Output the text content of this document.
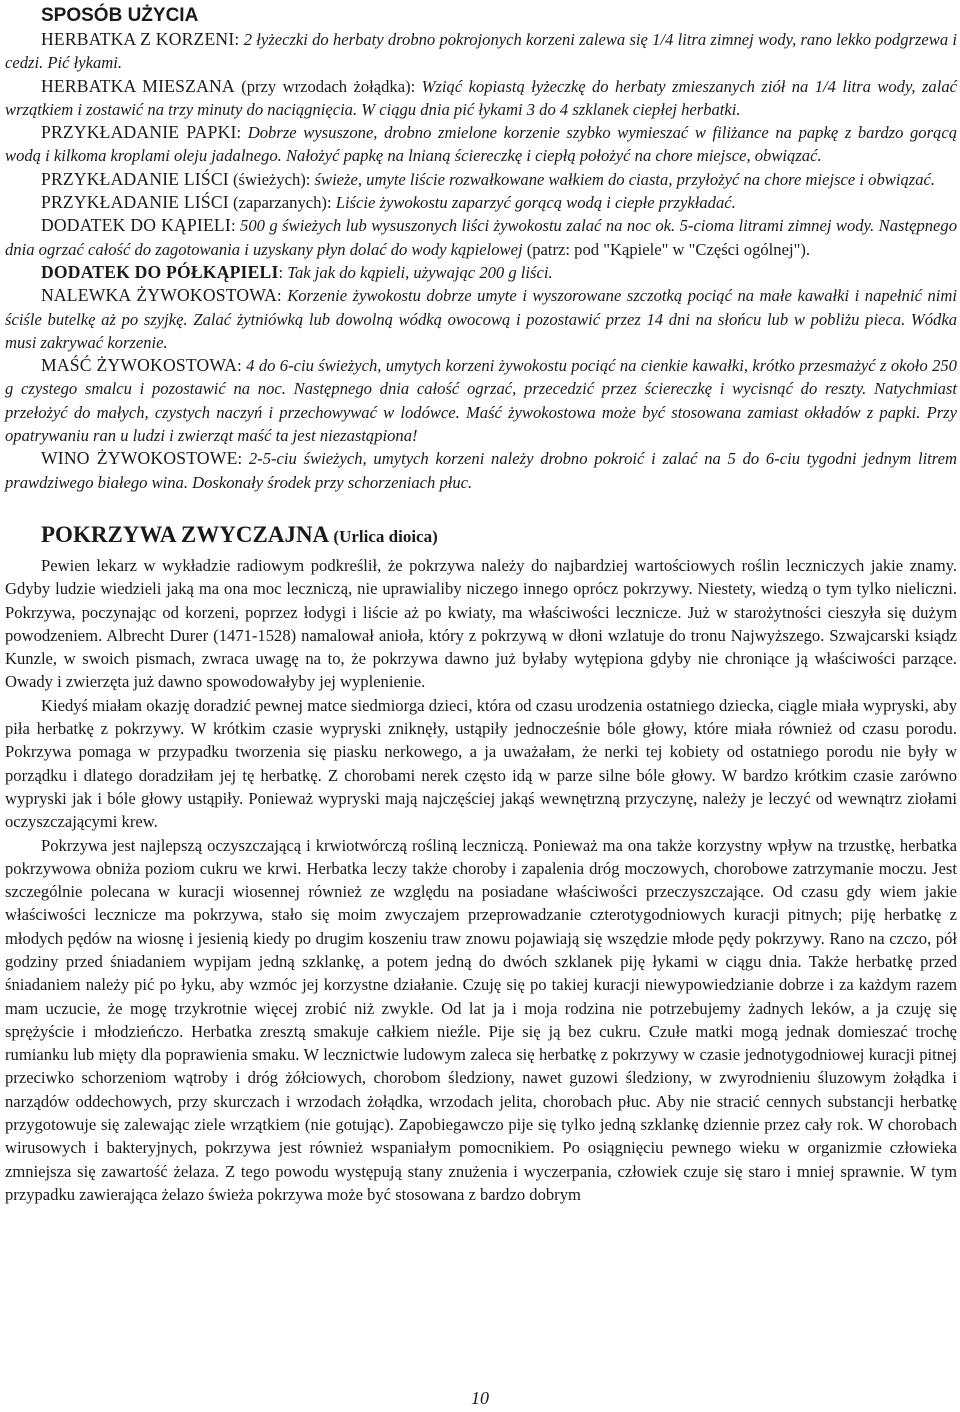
SPOSÓB UŻYCIA

HERBATKA Z KORZENI: 2 łyżeczki do herbaty drobno pokrojonych korzeni zalewa się 1/4 litra zimnej wody, rano lekko podgrzewa i cedzi. Pić łykami.

HERBATKA MIESZANA (przy wrzodach żołądka): Wziąć kopiastą łyżeczkę do herbaty zmieszanych ziół na 1/4 litra wody, zalać wrzątkiem i zostawić na trzy minuty do naciągnięcia. W ciągu dnia pić łykami 3 do 4 szklanek ciepłej herbatki.

PRZYKŁADANIE PAPKI: Dobrze wysuszone, drobno zmielone korzenie szybko wymieszać w filiżance na papkę z bardzo gorącą wodą i kilkoma kroplami oleju jadalnego. Nałożyć papkę na lnianą ściereczkę i ciepłą położyć na chore miejsce, obwiązać.

PRZYKŁADANIE LIŚCI (świeżych): świeże, umyte liście rozwałkowane wałkiem do ciasta, przyłożyć na chore miejsce i obwiązać.

PRZYKŁADANIE LIŚCI (zaparzanych): Liście żywokostu zaparzyć gorącą wodą i ciepłe przykładać.

DODATEK DO KĄPIELI: 500 g świeżych lub wysuszonych liści żywokostu zalać na noc ok. 5-cioma litrami zimnej wody. Następnego dnia ogrzać całość do zagotowania i uzyskany płyn dolać do wody kąpielowej (patrz: pod "Kąpiele" w "Części ogólnej").

DODATEK DO PÓŁKĄPIELI: Tak jak do kąpieli, używając 200 g liści.

NALEWKA ŻYWOKOSTOWA: Korzenie żywokostu dobrze umyte i wyszorowane szczotką pociąć na małe kawałki i napełnić nimi ściśle butelkę aż po szyjkę. Zalać żytniówką lub dowolną wódką owocową i pozostawić przez 14 dni na słońcu lub w pobliżu pieca. Wódka musi zakrywać korzenie.

MAŚĆ ŻYWOKOSTOWA: 4 do 6-ciu świeżych, umytych korzeni żywokostu pociąć na cienkie kawałki, krótko przesmażyć z około 250 g czystego smalcu i pozostawić na noc. Następnego dnia całość ogrzać, przecedzić przez ściereczkę i wycisnąć do reszty. Natychmiast przełożyć do małych, czystych naczyń i przechowywać w lodówce. Maść żywokostowa może być stosowana zamiast okładów z papki. Przy opatrywaniu ran u ludzi i zwierząt maść ta jest niezastąpiona!

WINO ŻYWOKOSTOWE: 2-5-ciu świeżych, umytych korzeni należy drobno pokroić i zalać na 5 do 6-ciu tygodni jednym litrem prawdziwego białego wina. Doskonały środek przy schorzeniach płuc.

POKRZYWA ZWYCZAJNA (Urlica dioica)

Pewien lekarz w wykładzie radiowym podkreślił, że pokrzywa należy do najbardziej wartościowych roślin leczniczych jakie znamy. Gdyby ludzie wiedzieli jaką ma ona moc leczniczą, nie uprawialiby niczego innego oprócz pokrzywy. Niestety, wiedzą o tym tylko nieliczni. Pokrzywa, poczynając od korzeni, poprzez łodygi i liście aż po kwiaty, ma właściwości lecznicze. Już w starożytności cieszyła się dużym powodzeniem. Albrecht Durer (1471-1528) namalował anioła, który z pokrzywą w dłoni wzlatuje do tronu Najwyższego. Szwajcarski ksiądz Kunzle, w swoich pismach, zwraca uwagę na to, że pokrzywa dawno już byłaby wytępiona gdyby nie chroniące ją właściwości parzące. Owady i zwierzęta już dawno spowodowałyby jej wyplenienie.

Kiedyś miałam okazję doradzić pewnej matce siedmiorga dzieci, która od czasu urodzenia ostatniego dziecka, ciągle miała wypryski, aby piła herbatkę z pokrzywy. W krótkim czasie wypryski zniknęły, ustąpiły jednocześnie bóle głowy, które miała również od czasu porodu. Pokrzywa pomaga w przypadku tworzenia się piasku nerkowego, a ja uważałam, że nerki tej kobiety od ostatniego porodu nie były w porządku i dlatego doradziłam jej tę herbatkę. Z chorobami nerek często idą w parze silne bóle głowy. W bardzo krótkim czasie zarówno wypryski jak i bóle głowy ustąpiły. Ponieważ wypryski mają najczęściej jakąś wewnętrzną przyczynę, należy je leczyć od wewnątrz ziołami oczyszczającymi krew.

Pokrzywa jest najlepszą oczyszczającą i krwiotwórczą rośliną leczniczą. Ponieważ ma ona także korzystny wpływ na trzustkę, herbatka pokrzywowa obniża poziom cukru we krwi. Herbatka leczy także choroby i zapalenia dróg moczowych, chorobowe zatrzymanie moczu. Jest szczególnie polecana w kuracji wiosennej również ze względu na posiadane właściwości przeczyszczające. Od czasu gdy wiem jakie właściwości lecznicze ma pokrzywa, stało się moim zwyczajem przeprowadzanie czterotygodniowych kuracji pitnych; piję herbatkę z młodych pędów na wiosnę i jesienią kiedy po drugim koszeniu traw znowu pojawiają się wszędzie młode pędy pokrzywy. Rano na czczo, pół godziny przed śniadaniem wypijam jedną szklankę, a potem jedną do dwóch szklanek piję łykami w ciągu dnia. Także herbatkę przed śniadaniem należy pić po łyku, aby wzmóc jej korzystne działanie. Czuję się po takiej kuracji niewypowiedzianie dobrze i za każdym razem mam uczucie, że mogę trzykrotnie więcej zrobić niż zwykle. Od lat ja i moja rodzina nie potrzebujemy żadnych leków, a ja czuję się sprężyście i młodzieńczo. Herbatka zresztą smakuje całkiem nieźle. Pije się ją bez cukru. Czułe matki mogą jednak domieszać trochę rumianku lub mięty dla poprawienia smaku. W lecznictwie ludowym zaleca się herbatkę z pokrzywy w czasie jednotygodniowej kuracji pitnej przeciwko schorzeniom wątroby i dróg żółciowych, chorobom śledziony, nawet guzowi śledziony, w zwyrodnieniu śluzowym żołądka i narządów oddechowych, przy skurczach i wrzodach żołądka, wrzodach jelita, chorobach płuc. Aby nie stracić cennych substancji herbatkę przygotowuje się zalewając ziele wrzątkiem (nie gotując). Zapobiegawczo pije się tylko jedną szklankę dziennie przez cały rok. W chorobach wirusowych i bakteryjnych, pokrzywa jest również wspaniałym pomocnikiem. Po osiągnięciu pewnego wieku w organizmie człowieka zmniejsza się zawartość żelaza. Z tego powodu występują stany znużenia i wyczerpania, człowiek czuje się staro i mniej sprawnie. W tym przypadku zawierająca żelazo świeża pokrzywa może być stosowana z bardzo dobrym

10
